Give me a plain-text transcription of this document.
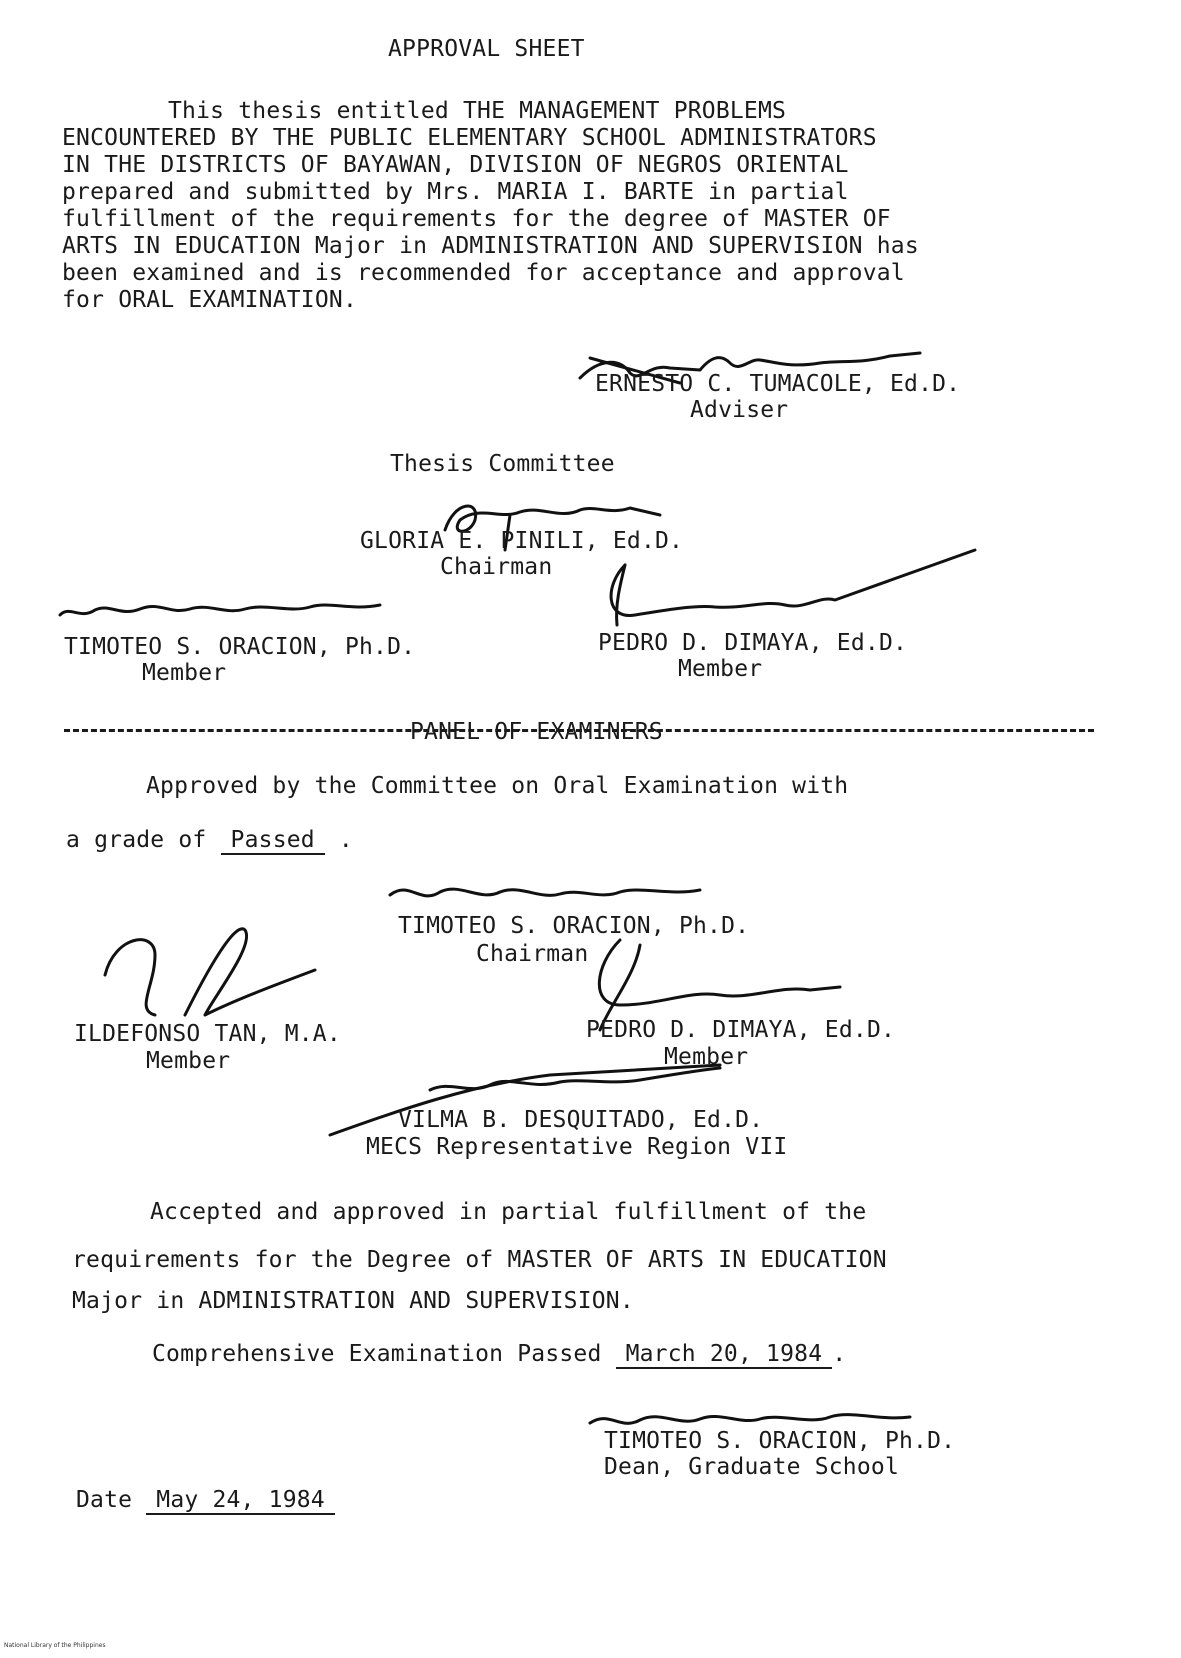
APPROVAL SHEET
This thesis entitled THE MANAGEMENT PROBLEMS
ENCOUNTERED BY THE PUBLIC ELEMENTARY SCHOOL ADMINISTRATORS
IN THE DISTRICTS OF BAYAWAN, DIVISION OF NEGROS ORIENTAL
prepared and submitted by Mrs. MARIA I. BARTE in partial
fulfillment of the requirements for the degree of MASTER OF
ARTS IN EDUCATION Major in ADMINISTRATION AND SUPERVISION has
been examined and is recommended for acceptance and approval
for ORAL EXAMINATION.
ERNESTO C. TUMACOLE, Ed.D.
Adviser
Thesis Committee
GLORIA E. PINILI, Ed.D.
Chairman
TIMOTEO S. ORACION, Ph.D.
Member
PEDRO D. DIMAYA, Ed.D.
Member
PANEL OF EXAMINERS
Approved by the Committee on Oral Examination with
a grade of Passed .
TIMOTEO S. ORACION, Ph.D.
Chairman
ILDEFONSO TAN, M.A.
Member
PEDRO D. DIMAYA, Ed.D.
Member
VILMA B. DESQUITADO, Ed.D.
MECS Representative Region VII
Accepted and approved in partial fulfillment of the
requirements for the Degree of MASTER OF ARTS IN EDUCATION
Major in ADMINISTRATION AND SUPERVISION.
Comprehensive Examination Passed March 20, 1984 .
TIMOTEO S. ORACION, Ph.D.
Dean, Graduate School
Date May 24, 1984
National Library of the Philippines
